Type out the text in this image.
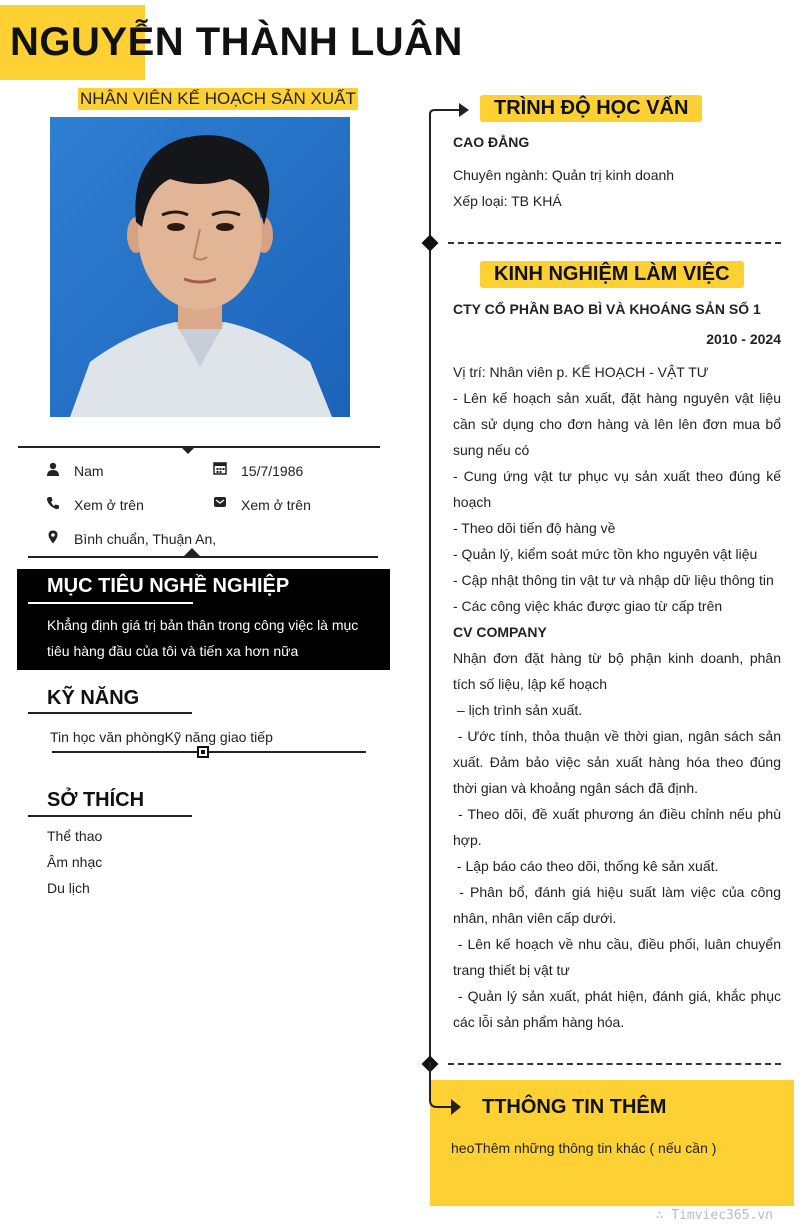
NGUYỄN THÀNH LUÂN
NHÂN VIÊN KẾ HOẠCH SẢN XUẤT
Nam	15/7/1986
Xem ở trên	Xem ở trên
Bình chuẩn, Thuận An,
MỤC TIÊU NGHỀ NGHIỆP
Khẳng định giá trị bản thân trong công việc là mục tiêu hàng đầu của tôi và tiến xa hơn nữa
KỸ NĂNG
Tin học văn phòngKỹ năng giao tiếp
SỞ THÍCH
Thể thao
Âm nhạc
Du lịch
TRÌNH ĐỘ HỌC VẤN
CAO ĐẲNG
Chuyên ngành: Quản trị kinh doanh
Xếp loại: TB KHÁ
KINH NGHIỆM LÀM VIỆC
CTY CỔ PHẦN BAO BÌ VÀ KHOÁNG SẢN SỐ 1
2010 - 2024
Vị trí: Nhân viên p. KẾ HOẠCH - VẬT TƯ
- Lên kế hoạch sản xuất, đặt hàng nguyên vật liệu cần sử dụng cho đơn hàng và lên lên đơn mua bổ sung nếu có
- Cung ứng vật tư phục vụ sản xuất theo đúng kế hoạch
- Theo dõi tiến độ hàng về
- Quản lý, kiểm soát mức tồn kho nguyên vật liệu
- Cập nhật thông tin vật tư và nhập dữ liệu thông tin
- Các công việc khác được giao từ cấp trên
CV COMPANY
Nhận đơn đặt hàng từ bộ phận kinh doanh, phân tích số liệu, lập kế hoạch
– lịch trình sản xuất.
- Ước tính, thỏa thuận về thời gian, ngân sách sản xuất. Đảm bảo việc sản xuất hàng hóa theo đúng thời gian và khoảng ngân sách đã định.
- Theo dõi, đề xuất phương án điều chỉnh nếu phù hợp.
- Lập báo cáo theo dõi, thống kê sản xuất.
- Phân bổ, đánh giá hiệu suất làm việc của công nhân, nhân viên cấp dưới.
- Lên kế hoạch về nhu cầu, điều phối, luân chuyển trang thiết bị vật tư
- Quản lý sản xuất, phát hiện, đánh giá, khắc phục các lỗi sản phẩm hàng hóa.
TTHÔNG TIN THÊM
heoThêm những thông tin khác ( nếu cần )
∴ Timviec365.vn
